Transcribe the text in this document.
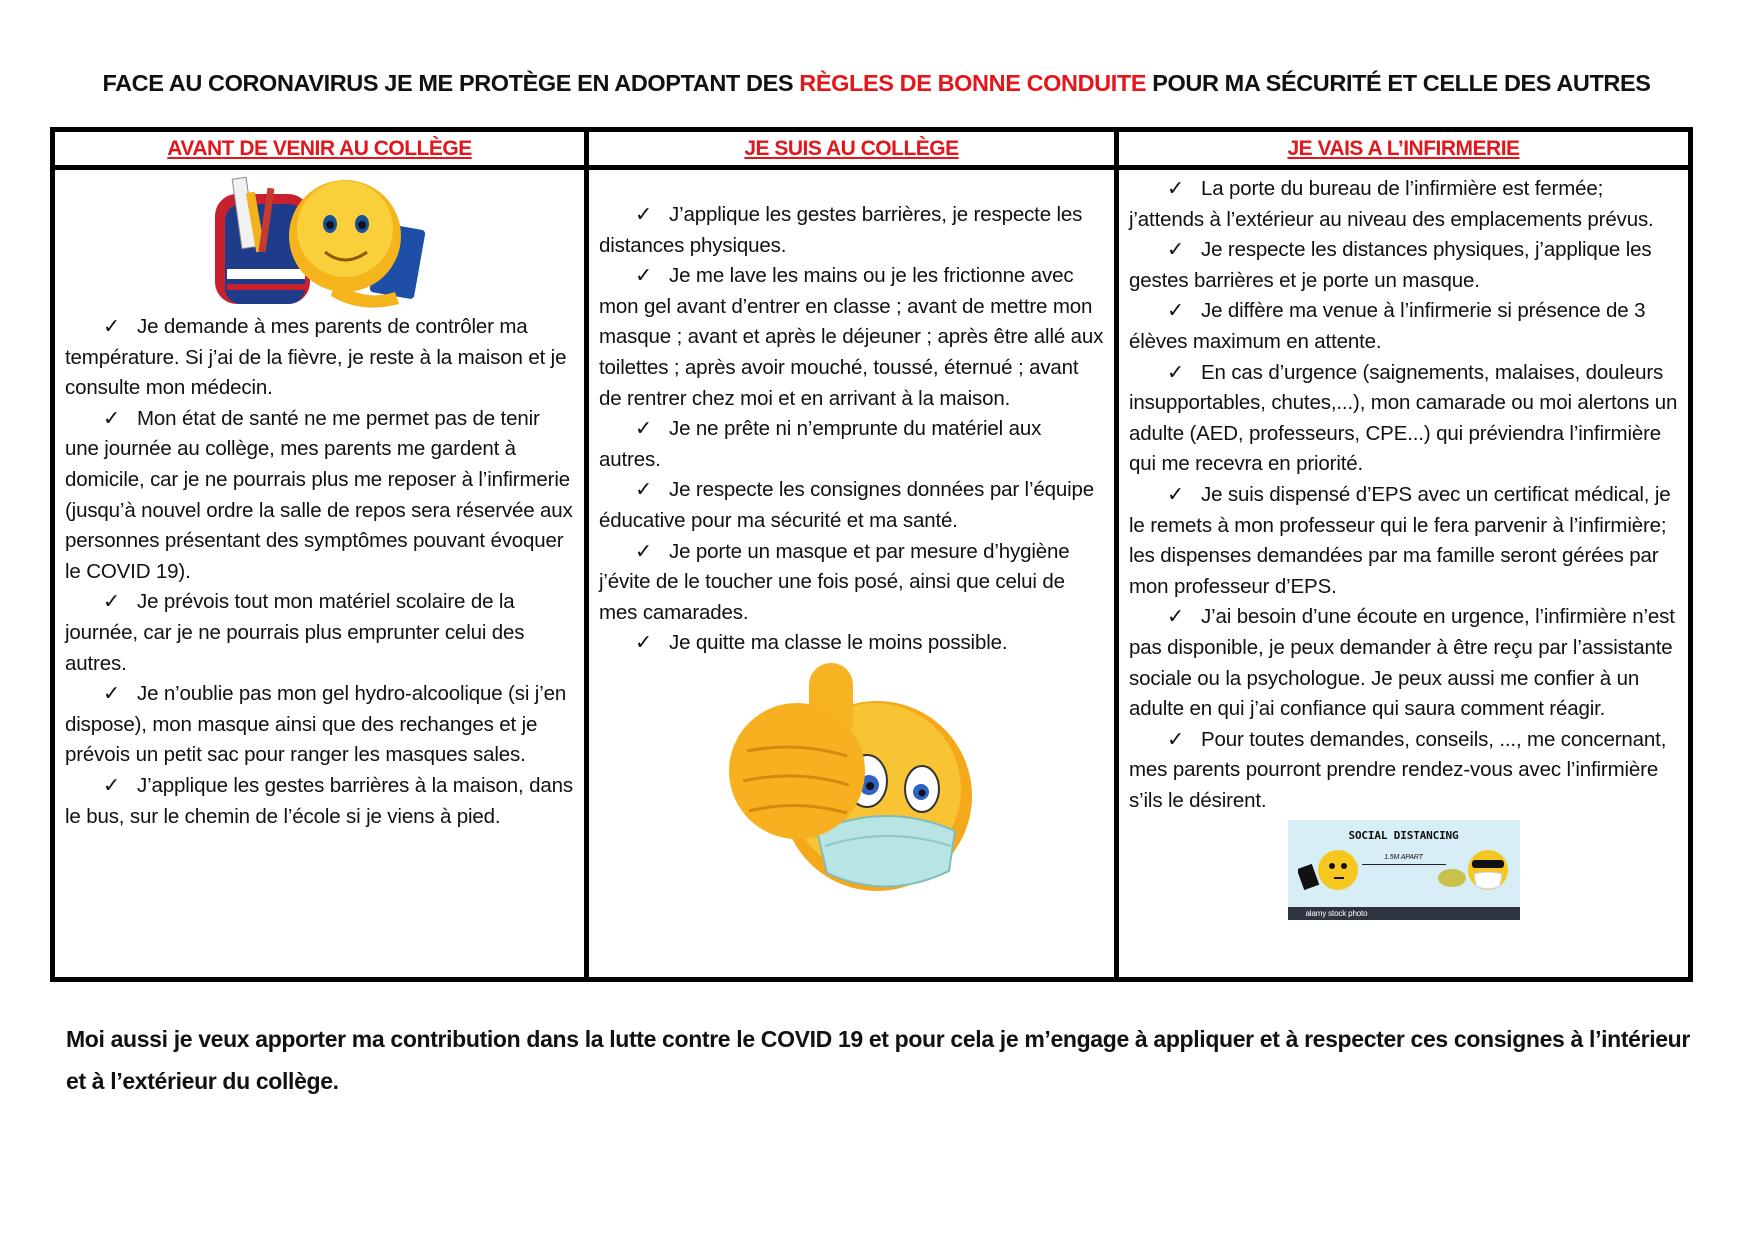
FACE AU CORONAVIRUS JE ME PROTÈGE EN ADOPTANT DES RÈGLES DE BONNE CONDUITE POUR MA SÉCURITÉ ET CELLE DES AUTRES
AVANT DE VENIR AU COLLÈGE	JE SUIS AU COLLÈGE	JE VAIS A L’INFIRMERIE

✓ Je demande à mes parents de contrôler ma température. Si j’ai de la fièvre, je reste à la maison et je consulte mon médecin.

✓ Mon état de santé ne me permet pas de tenir une journée au collège, mes parents me gardent à domicile, car je ne pourrais plus me reposer à l’infirmerie (jusqu’à nouvel ordre la salle de repos sera réservée aux personnes présentant des symptômes pouvant évoquer le COVID 19).

✓ Je prévois tout mon matériel scolaire de la journée, car je ne pourrais plus emprunter celui des autres.

✓ Je n’oublie pas mon gel hydro-alcoolique (si j’en dispose), mon masque ainsi que des rechanges et je prévois un petit sac pour ranger les masques sales.

✓ J’applique les gestes barrières à la maison, dans le bus, sur le chemin de l’école si je viens à pied.

✓ J’applique les gestes barrières, je respecte les distances physiques.

✓ Je me lave les mains ou je les frictionne avec mon gel avant d’entrer en classe ; avant de mettre mon masque ; avant et après le déjeuner ; après être allé aux toilettes ; après avoir mouché, toussé, éternué ; avant de rentrer chez moi et en arrivant à la maison.

✓ Je ne prête ni n’emprunte du matériel aux autres.

✓ Je respecte les consignes données par l’équipe éducative pour ma sécurité et ma santé.

✓ Je porte un masque et par mesure d’hygiène j’évite de le toucher une fois posé, ainsi que celui de mes camarades.

✓ Je quitte ma classe le moins possible.

✓ La porte du bureau de l’infirmière est fermée; j’attends à l’extérieur au niveau des emplacements prévus.

✓ Je respecte les distances physiques, j’applique les gestes barrières et je porte un masque.

✓ Je diffère ma venue à l’infirmerie si présence de 3 élèves maximum en attente.

✓ En cas d’urgence (saignements, malaises, douleurs insupportables, chutes,...), mon camarade ou moi alertons un adulte (AED, professeurs, CPE...) qui préviendra l’infirmière qui me recevra en priorité.

✓ Je suis dispensé d’EPS avec un certificat médical, je le remets à mon professeur qui le fera parvenir à l’infirmière; les dispenses demandées par ma famille seront gérées par mon professeur d’EPS.

✓ J’ai besoin d’une écoute en urgence, l’infirmière n’est pas disponible, je peux demander à être reçu par l’assistante sociale ou la psychologue. Je peux aussi me confier à un adulte en qui j’ai confiance qui saura comment réagir.

✓ Pour toutes demandes, conseils, ..., me concernant, mes parents pourront prendre rendez-vous avec l’infirmière s’ils le désirent.

SOCIAL DISTANCING
1.5M APART
alamy stock photo
Moi aussi je veux apporter ma contribution dans la lutte contre le COVID 19 et pour cela je m’engage à appliquer et à respecter ces consignes à l’intérieur et à l’extérieur du collège.
